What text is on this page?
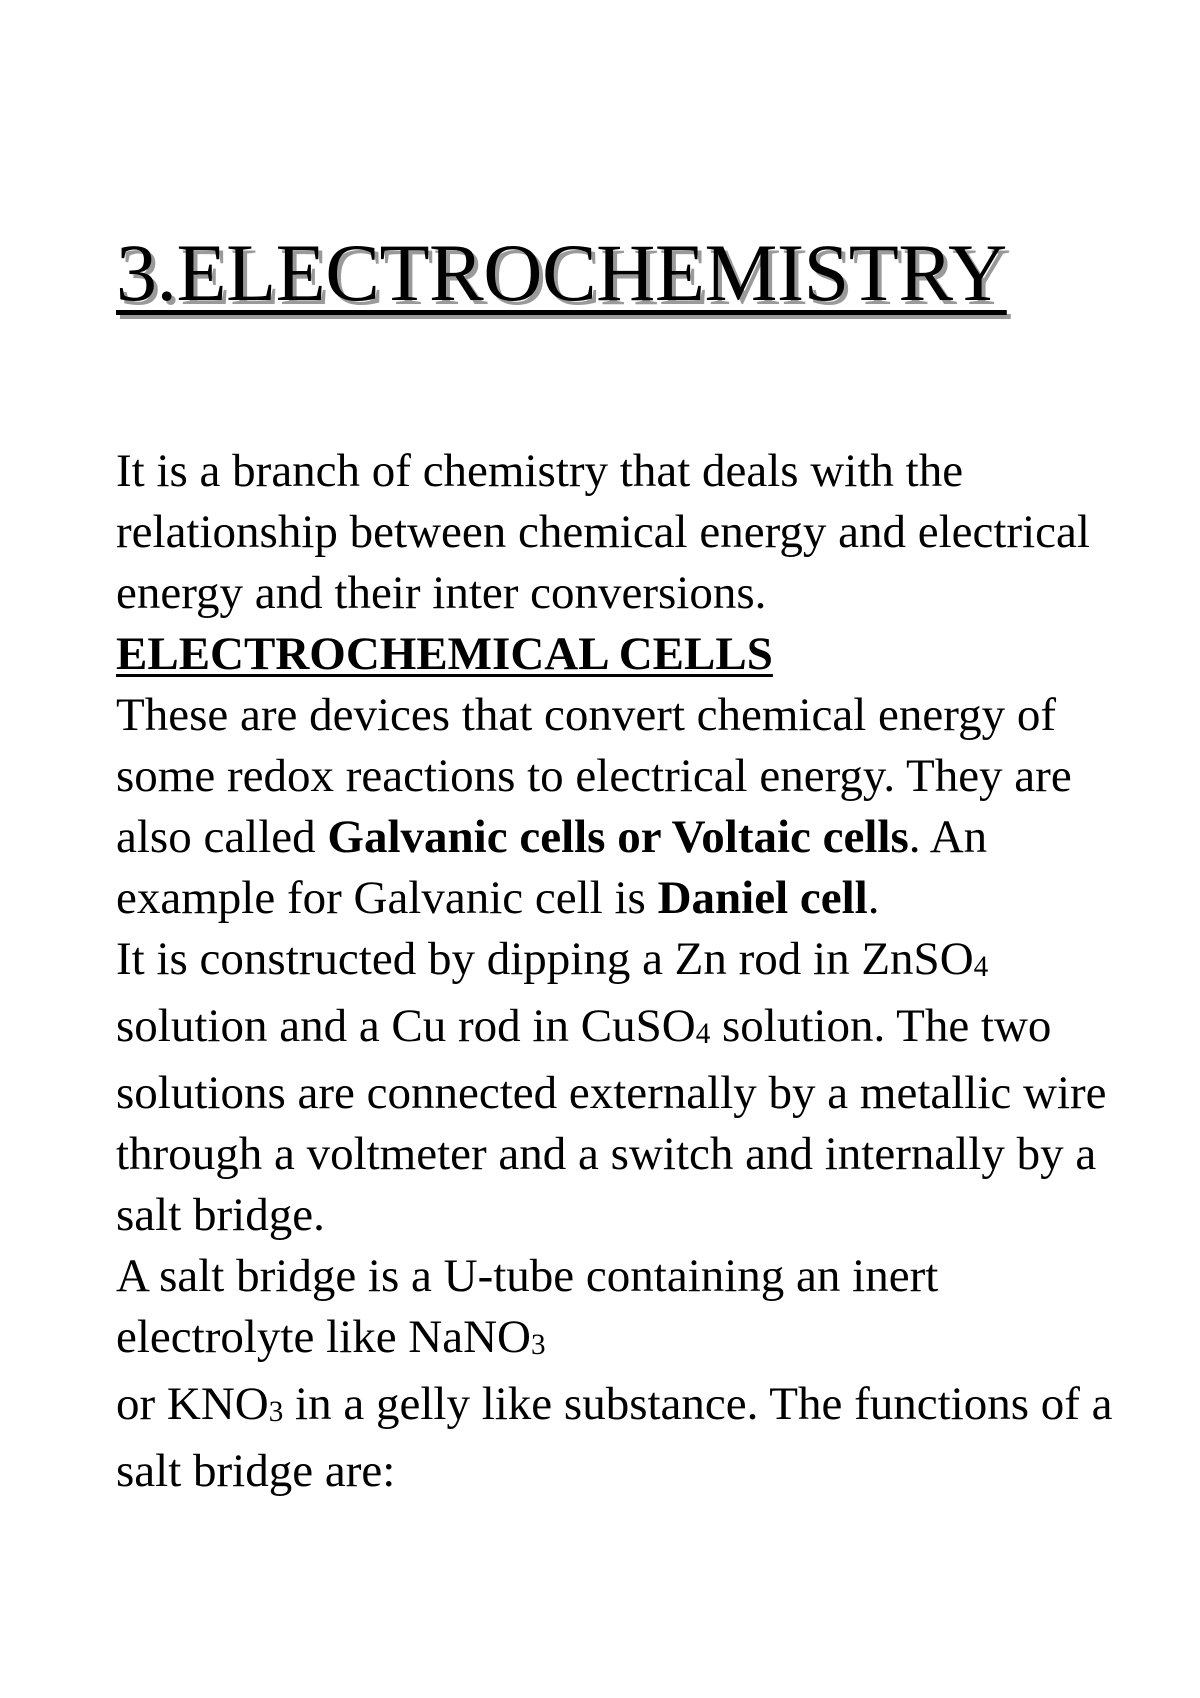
3.ELECTROCHEMISTRY

It is a branch of chemistry that deals with the relationship between chemical energy and electrical energy and their inter conversions.

ELECTROCHEMICAL CELLS

These are devices that convert chemical energy of some redox reactions to electrical energy. They are also called Galvanic cells or Voltaic cells. An example for Galvanic cell is Daniel cell.

It is constructed by dipping a Zn rod in ZnSO$_4$ solution and a Cu rod in CuSO$_4$ solution. The two solutions are connected externally by a metallic wire through a voltmeter and a switch and internally by a salt bridge.

A salt bridge is a U-tube containing an inert electrolyte like NaNO$_3$

or $KNO_3$ in a gelly like substance. The functions of a salt bridge are:
